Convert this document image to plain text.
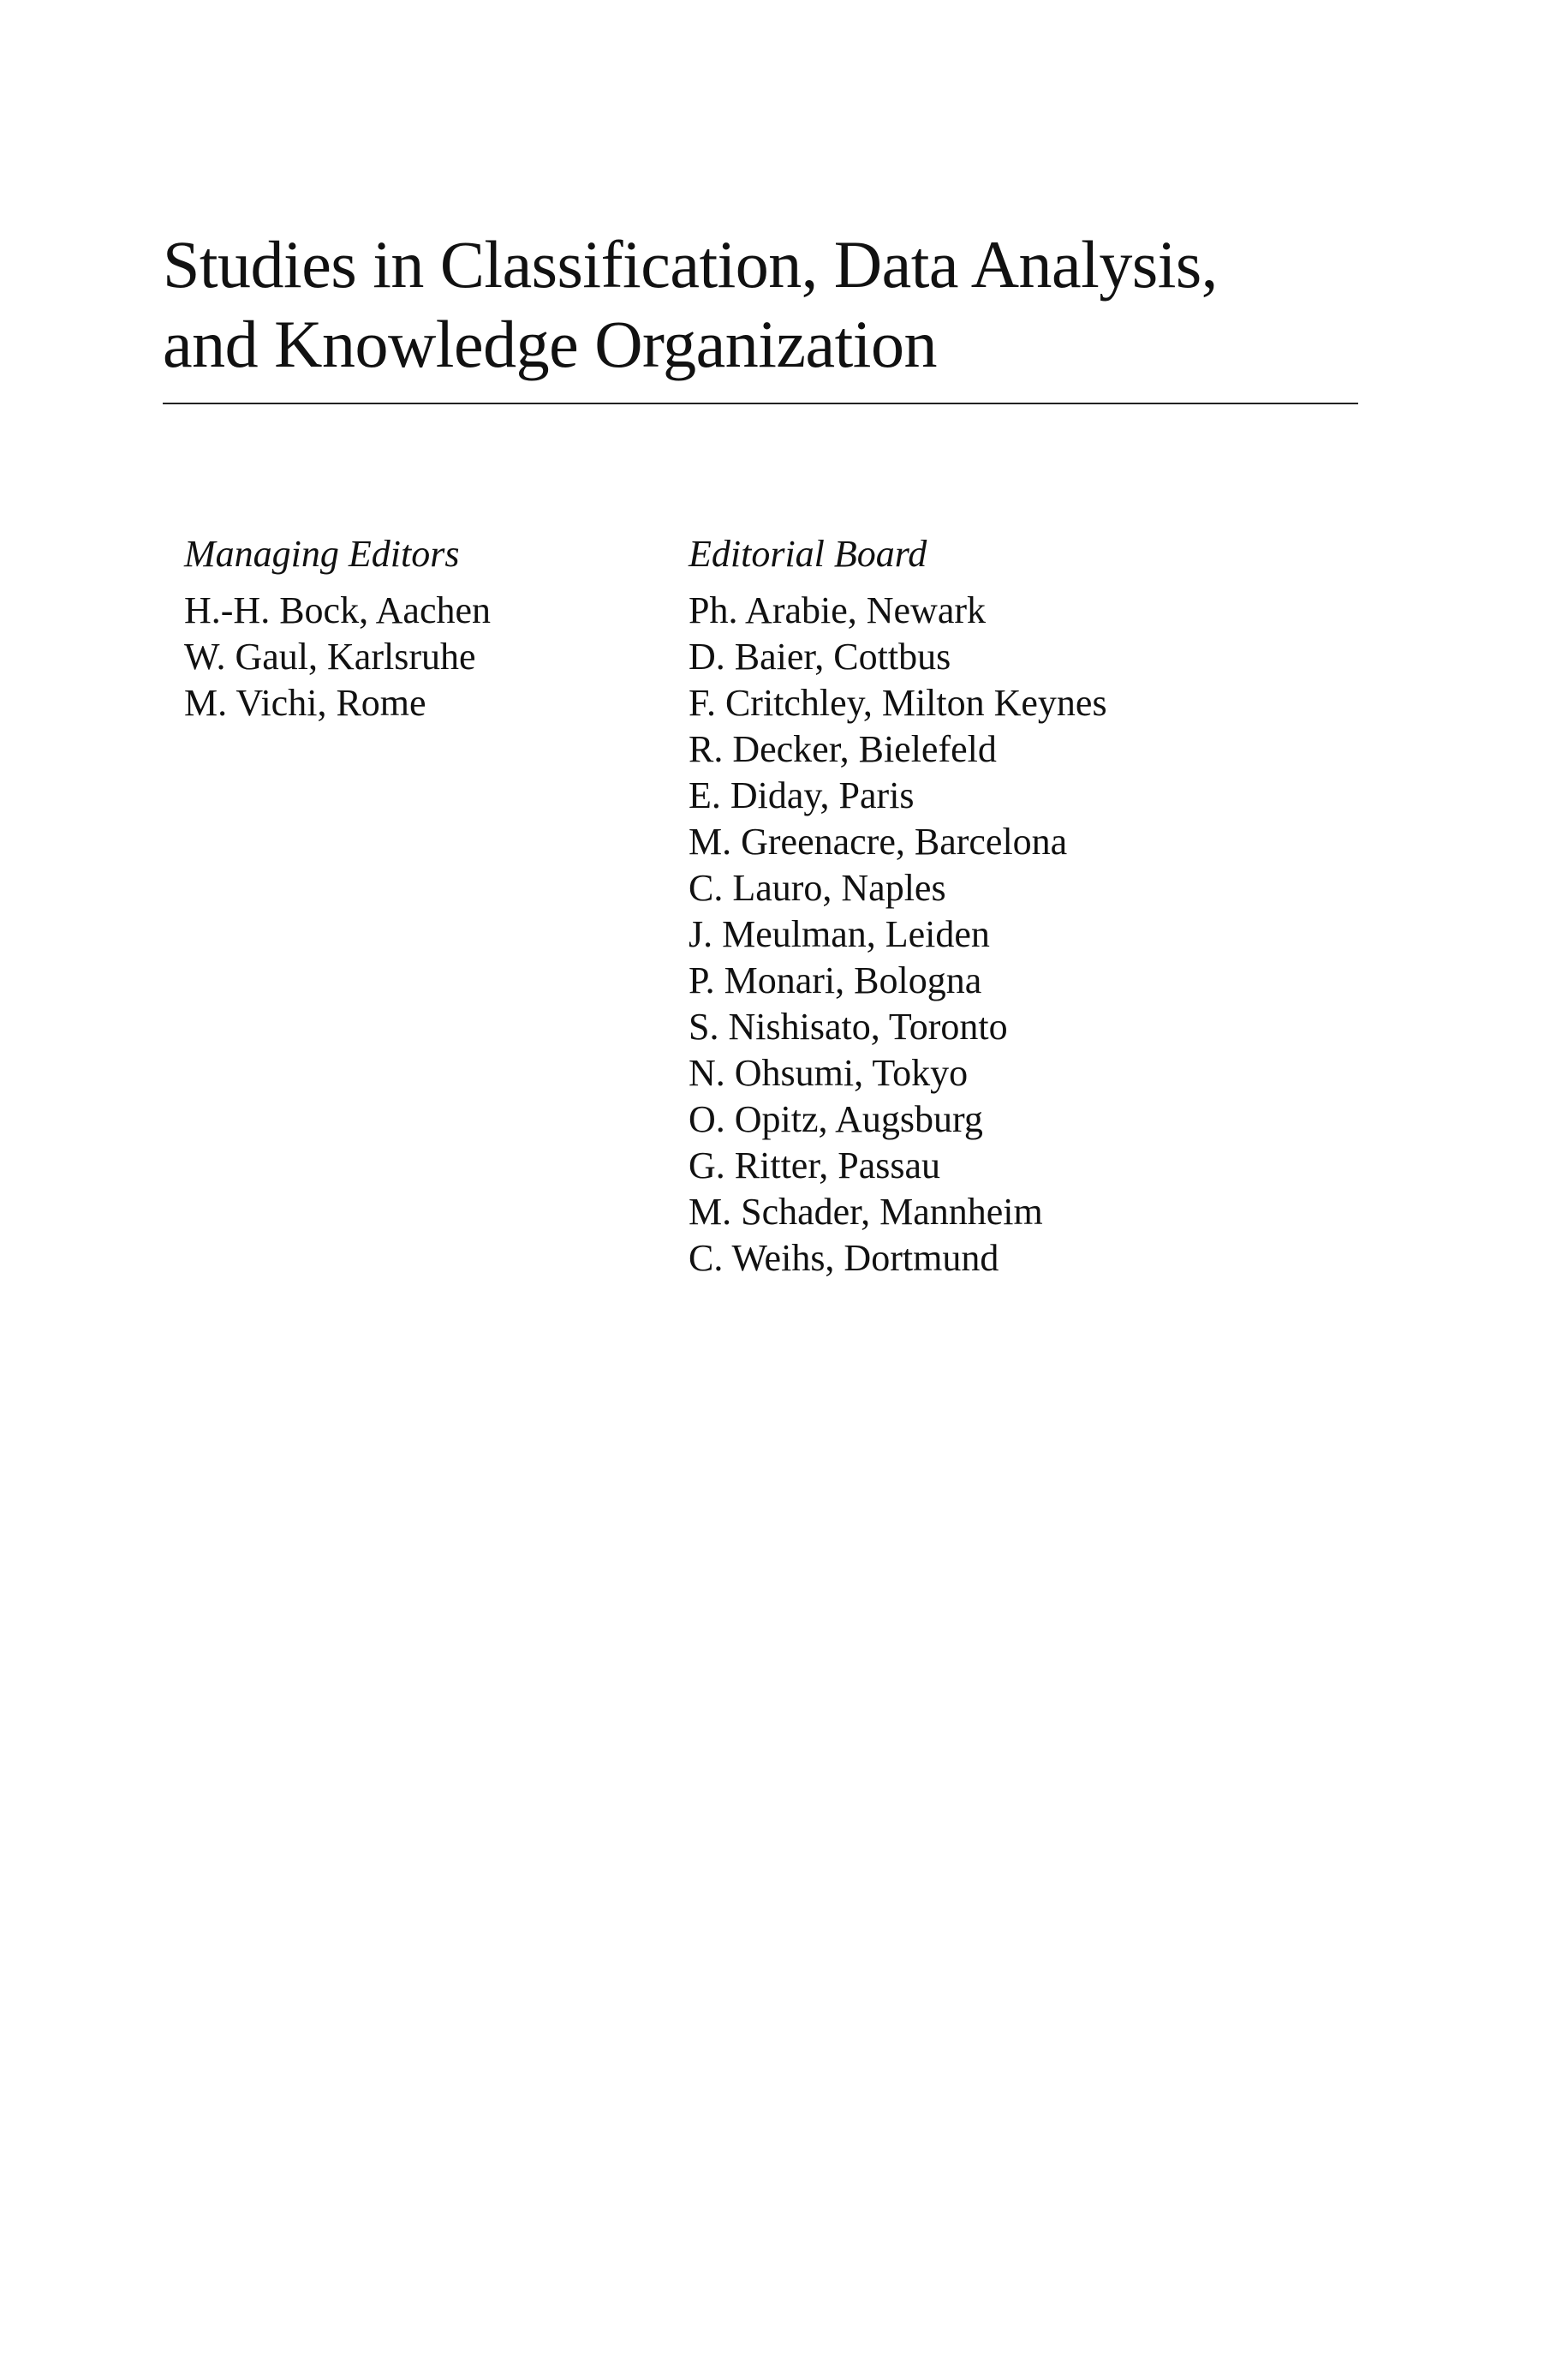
Studies in Classification, Data Analysis,
and Knowledge Organization
Managing Editors
H.-H. Bock, Aachen
W. Gaul, Karlsruhe
M. Vichi, Rome
Editorial Board
Ph. Arabie, Newark
D. Baier, Cottbus
F. Critchley, Milton Keynes
R. Decker, Bielefeld
E. Diday, Paris
M. Greenacre, Barcelona
C. Lauro, Naples
J. Meulman, Leiden
P. Monari, Bologna
S. Nishisato, Toronto
N. Ohsumi, Tokyo
O. Opitz, Augsburg
G. Ritter, Passau
M. Schader, Mannheim
C. Weihs, Dortmund
